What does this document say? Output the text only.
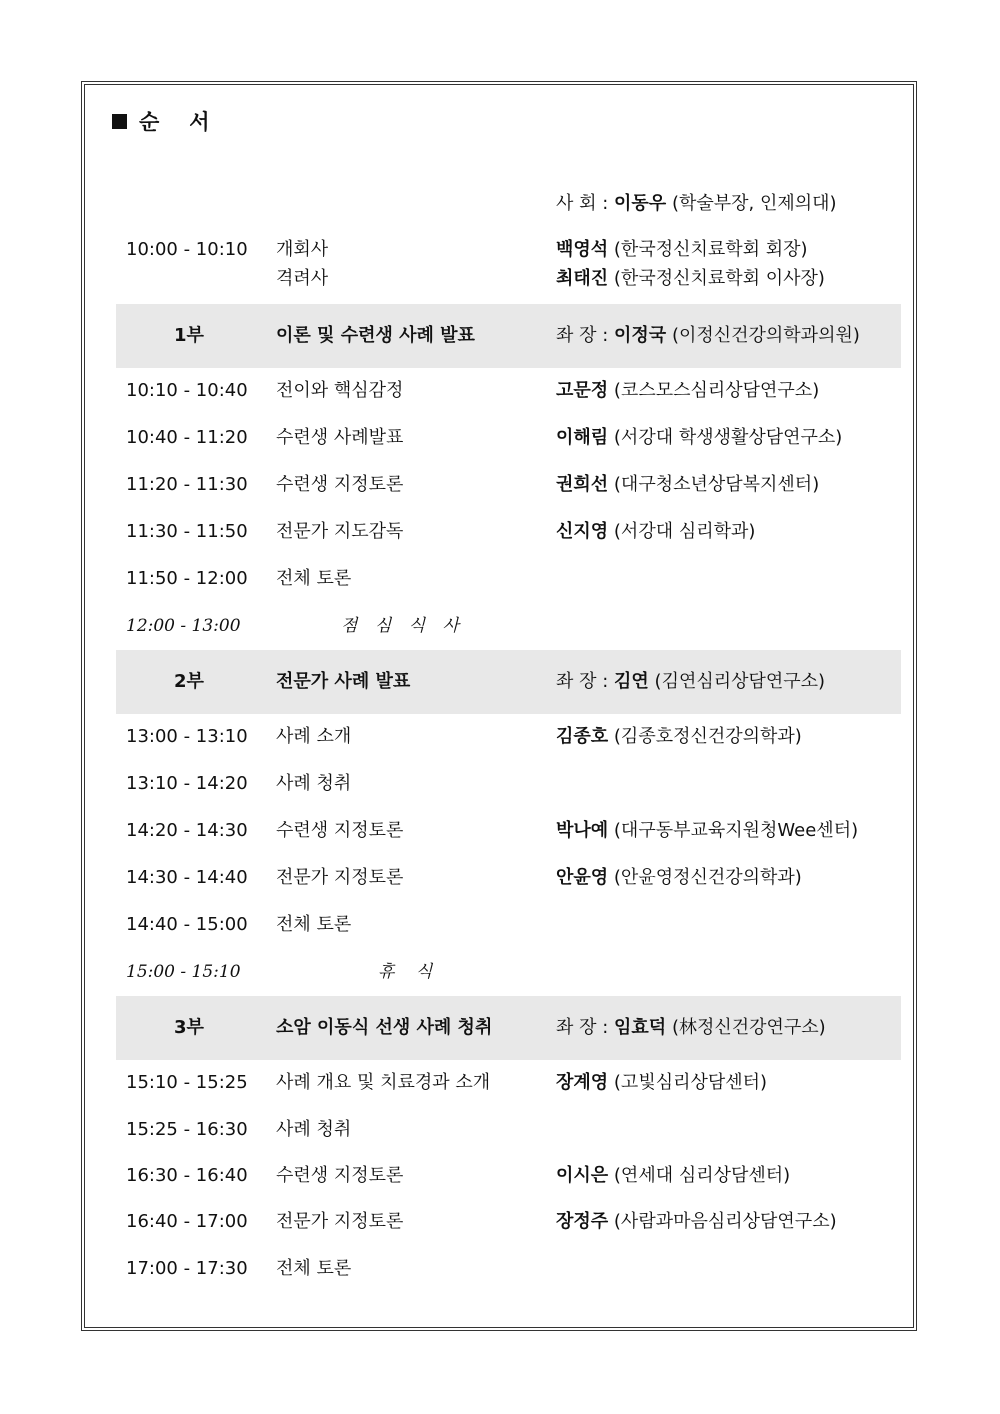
순 서
사 회 : 이동우 (학술부장, 인제의대)
10:00 - 10:10 개회사	백영석 (한국정신치료학회 회장)
격려사	최태진 (한국정신치료학회 이사장)
1부	이론 및 수련생 사례 발표	좌 장 : 이정국 (이정신건강의학과의원)
10:10 - 10:40 전이와 핵심감정	고문정 (코스모스심리상담연구소)
10:40 - 11:20 수련생 사례발표	이해림 (서강대 학생생활상담연구소)
11:20 - 11:30 수련생 지정토론	권희선 (대구청소년상담복지센터)
11:30 - 11:50 전문가 지도감독	신지영 (서강대 심리학과)
11:50 - 12:00 전체 토론
12:00 - 13:00	점 심 식 사
2부	전문가 사례 발표	좌 장 : 김연 (김연심리상담연구소)
13:00 - 13:10 사례 소개	김종호 (김종호정신건강의학과)
13:10 - 14:20 사례 청취
14:20 - 14:30 수련생 지정토론	박나예 (대구동부교육지원청Wee센터)
14:30 - 14:40 전문가 지정토론	안윤영 (안윤영정신건강의학과)
14:40 - 15:00 전체 토론
15:00 - 15:10	휴 식
3부	소암 이동식 선생 사례 청취	좌 장 : 임효덕 (林정신건강연구소)
15:10 - 15:25 사례 개요 및 치료경과 소개	장계영 (고빛심리상담센터)
15:25 - 16:30 사례 청취
16:30 - 16:40 수련생 지정토론	이시은 (연세대 심리상담센터)
16:40 - 17:00 전문가 지정토론	장정주 (사람과마음심리상담연구소)
17:00 - 17:30 전체 토론
